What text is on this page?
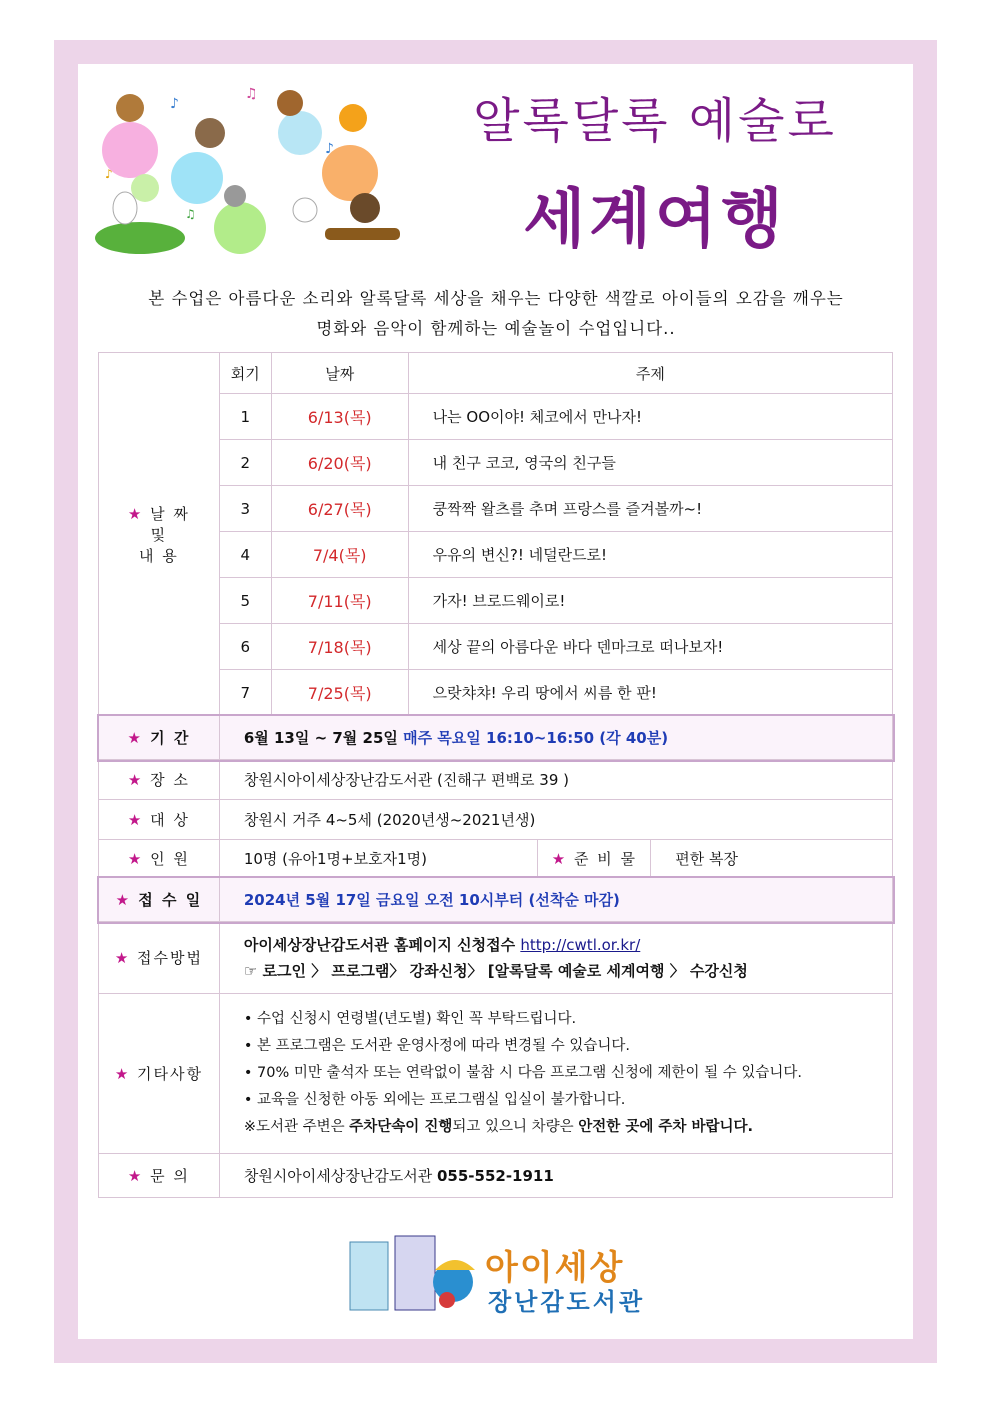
♪
♫
♪
♪
♫
알록달록 예술로
세계여행
본 수업은 아름다운 소리와 알록달록 세상을 채우는 다양한 색깔로 아이들의 오감을 깨우는
명화와 음악이 함께하는 예술놀이 수업입니다..
★ 날 짜
및
내 용	회기	날짜	주제		
	1	6/13(목)	나는 OO이야! 체코에서 만나자!		
	2	6/20(목)	내 친구 코코, 영국의 친구들		
	3	6/27(목)	쿵짝짝 왈츠를 추며 프랑스를 즐겨볼까~!		
	4	7/4(목)	우유의 변신?! 네덜란드로!		
	5	7/11(목)	가자! 브로드웨이로!		
	6	7/18(목)	세상 끝의 아름다운 바다 덴마크로 떠나보자!		
	7	7/25(목)	으랏챠챠! 우리 땅에서 씨름 한 판!		
★ 기 간	6월 13일 ~ 7월 25일 매주 목요일 16:10~16:50 (각 40분)				
★ 장 소	창원시아이세상장난감도서관 (진해구 편백로 39 )				
★ 대 상	창원시 거주 4~5세 (2020년생~2021년생)				
★ 인 원	10명 (유아1명+보호자1명)			★ 준 비 물	편한 복장
★ 접 수 일	2024년 5월 17일 금요일 오전 10시부터 (선착순 마감)				
★ 접수방법	아이세상장난감도서관 홈페이지 신청접수 http://cwtl.or.kr/
☞ 로그인 〉 프로그램〉 강좌신청〉 [알록달록 예술로 세계여행 〉 수강신청				

★ 기타사항	• 수업 신청시 연령별(년도별) 확인 꼭 부탁드립니다.
• 본 프로그램은 도서관 운영사정에 따라 변경될 수 있습니다.
• 70% 미만 출석자 또는 연락없이 불참 시 다음 프로그램 신청에 제한이 될 수 있습니다.
• 교육을 신청한 아동 외에는 프로그램실 입실이 불가합니다.
※도서관 주변은 주차단속이 진행되고 있으니 차량은 안전한 곳에 주차 바랍니다.				

★ 문 의	창원시아이세상장난감도서관 055-552-1911				
아이세상
장난감도서관
